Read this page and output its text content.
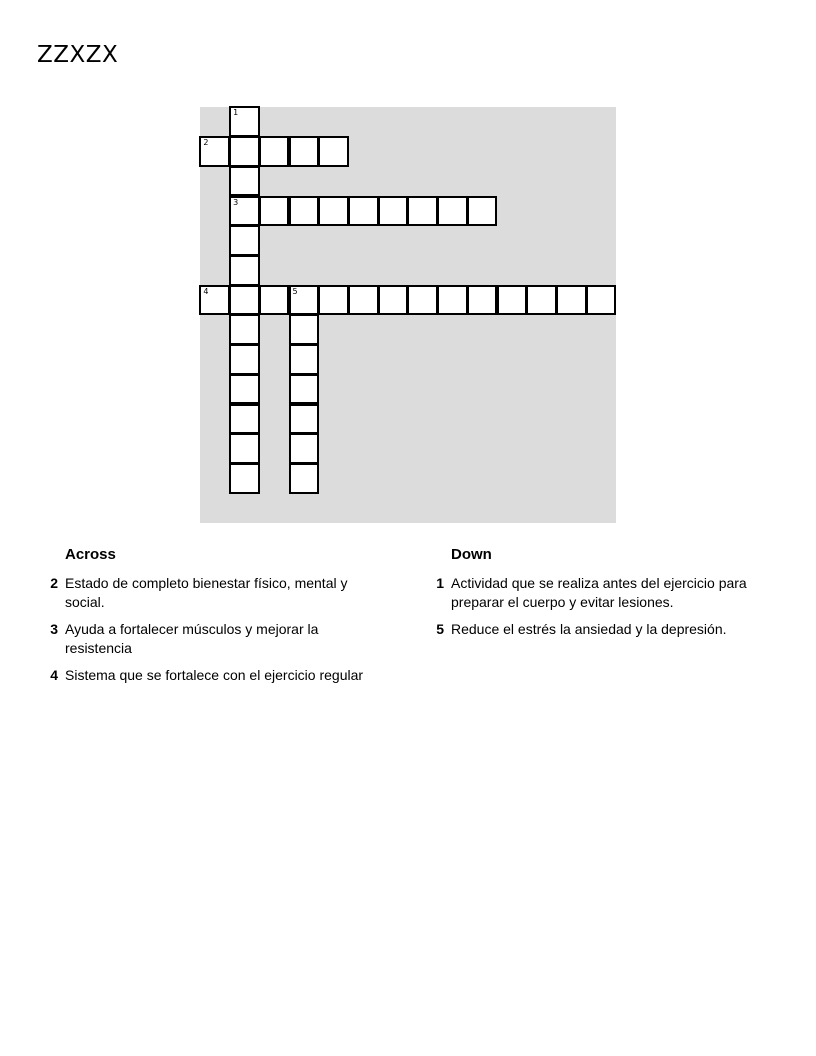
ZZXZX
1
3
2
4	5
Across
2 Estado de completo bienestar físico, mental y social.
3 Ayuda a fortalecer músculos y mejorar la resistencia
4 Sistema que se fortalece con el ejercicio regular
Down
1 Actividad que se realiza antes del ejercicio para preparar el cuerpo y evitar lesiones.
5 Reduce el estrés la ansiedad y la depresión.
